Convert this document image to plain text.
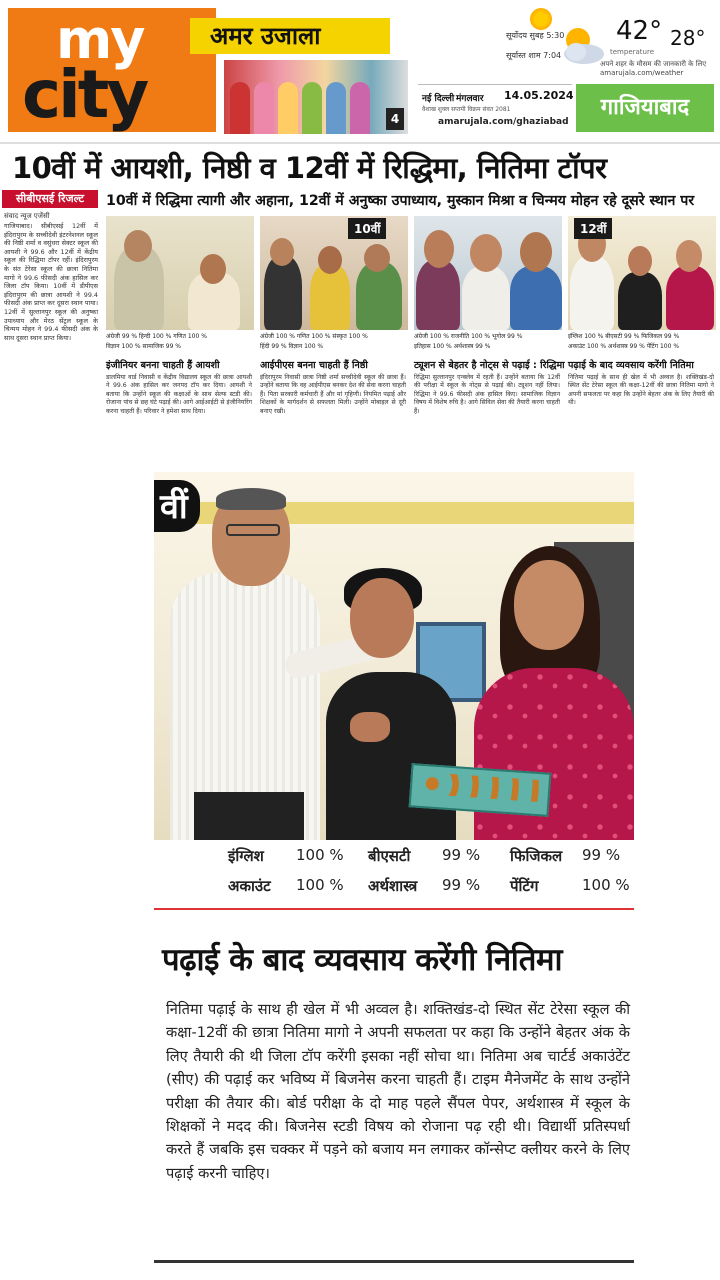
my
city
अमर उजाला
4
सूर्योदय सुबह 5:30
सूर्यास्त शाम 7:04
42° 28°
temperature
अपने शहर के मौसम की जानकारी के लिए amarujala.com/weather
नई दिल्ली मंगलवार 14.05.2024
वैशाख शुक्ल सप्तमी विक्रम संवत 2081
amarujala.com/ghaziabad
गाजियाबाद
10वीं में आयशी, निष्ठी व 12वीं में रिद्धिमा, नितिमा टॉपर
सीबीएसई रिजल्ट
संवाद न्यूज एजेंसी
गाजियाबाद। सीबीएसई 12वीं में इंदिरापुरम के सच्चीदेवी इंटरनेशनल स्कूल की निष्ठी शर्मा व वसुंधरा सेक्टर स्कूल की आयशी ने 99.6 और 12वीं में केंद्रीय स्कूल की रिद्धिमा टॉपर रहीं। इंदिरापुरम के संत टेरेसा स्कूल की छात्रा नितिमा मागो ने 99.6 फीसदी अंक हासिल कर जिला टॉप किया। 10वीं में डीपीएस इंदिरापुरम की छात्रा आयशी ने 99.4 फीसदी अंक प्राप्त कर दूसरा स्थान पाया। 12वीं में सुल्तानपुर स्कूल की अनुष्का उपाध्याय और मेरठ सेंट्रल स्कूल के चिन्मय मोहन ने 99.4 फीसदी अंक के साथ दूसरा स्थान प्राप्त किया।
10वीं में रिद्धिमा त्यागी और अहाना, 12वीं में अनुष्का उपाध्याय, मुस्कान मिश्रा व चिन्मय मोहन रहे दूसरे स्थान पर
अंग्रेजी 99 % हिन्दी 100 % गणित 100 %
विज्ञान 100 % सामाजिक 99 %
इंजीनियर बनना चाहती हैं आयशी
डालमिया वार्ड निवासी व केंद्रीय विद्यालय स्कूल की छात्रा आयशी ने 99.6 अंक हासिल कर जनपद टॉप कर दिया। आयशी ने बताया कि उन्होंने स्कूल की कक्षाओं के साथ सेल्फ स्टडी की। रोजाना पांच से छह घंटे पढ़ाई की। आगे आईआईटी से इंजीनियरिंग करना चाहती हैं। परिवार ने हमेशा साथ दिया।
10वीं
अंग्रेजी 100 % गणित 100 % संस्कृत 100 %
हिंदी 99 % विज्ञान 100 %
आईपीएस बनना चाहती हैं निष्ठी
इंदिरापुरम निवासी छात्रा निष्ठी शर्मा सच्चीदेवी स्कूल की छात्रा हैं। उन्होंने बताया कि वह आईपीएस बनकर देश की सेवा करना चाहती हैं। पिता सरकारी कर्मचारी हैं और मां गृहिणी। नियमित पढ़ाई और शिक्षकों के मार्गदर्शन से सफलता मिली। उन्होंने मोबाइल से दूरी बनाए रखी।
अंग्रेजी 100 % राजनीति 100 % भूगोल 99 %
इतिहास 100 % अर्थशास्त्र 99 %
ट्यूशन से बेहतर है नोट्स से पढ़ाई : रिद्धिमा
रिद्धिमा सुल्तानपुर एन्क्लेव में रहती हैं। उन्होंने बताया कि 12वीं की परीक्षा में स्कूल के नोट्स से पढ़ाई की। ट्यूशन नहीं लिया। रिद्धिमा ने 99.6 फीसदी अंक हासिल किए। सामाजिक विज्ञान विषय में विशेष रुचि है। आगे सिविल सेवा की तैयारी करना चाहती हैं।
12वीं
इंग्लिश 100 % बीएसटी 99 % फिजिकल 99 %
अकाउंट 100 % अर्थशास्त्र 99 % पेंटिंग 100 %
पढ़ाई के बाद व्यवसाय करेंगी नितिमा
नितिमा पढ़ाई के साथ ही खेल में भी अव्वल है। शक्तिखंड-दो स्थित सेंट टेरेसा स्कूल की कक्षा-12वीं की छात्रा नितिमा मागो ने अपनी सफलता पर कहा कि उन्होंने बेहतर अंक के लिए तैयारी की थी।
वीं
इंग्लिश 100 % बीएसटी 99 % फिजिकल 99 %
अकाउंट 100 % अर्थशास्त्र 99 % पेंटिंग	100 %
पढ़ाई के बाद व्यवसाय करेंगी नितिमा
नितिमा पढ़ाई के साथ ही खेल में भी अव्वल है। शक्तिखंड-दो स्थित सेंट टेरेसा स्कूल की कक्षा-12वीं की छात्रा नितिमा मागो ने अपनी सफलता पर कहा कि उन्होंने बेहतर अंक के लिए तैयारी की थी जिला टॉप करेंगी इसका नहीं सोचा था। नितिमा अब चार्टर्ड अकाउंटेंट (सीए) की पढ़ाई कर भविष्य में बिजनेस करना चाहती हैं। टाइम मैनेजमेंट के साथ उन्होंने परीक्षा की तैयार की। बोर्ड परीक्षा के दो माह पहले सैंपल पेपर, अर्थशास्त्र में स्कूल के शिक्षकों ने मदद की। बिजनेस स्टडी विषय को रोजाना पढ़ रही थी। विद्यार्थी प्रतिस्पर्धा करते हैं जबकि इस चक्कर में पड़ने को बजाय मन लगाकर कॉन्सेप्ट क्लीयर करने के लिए पढ़ाई करनी चाहिए।
